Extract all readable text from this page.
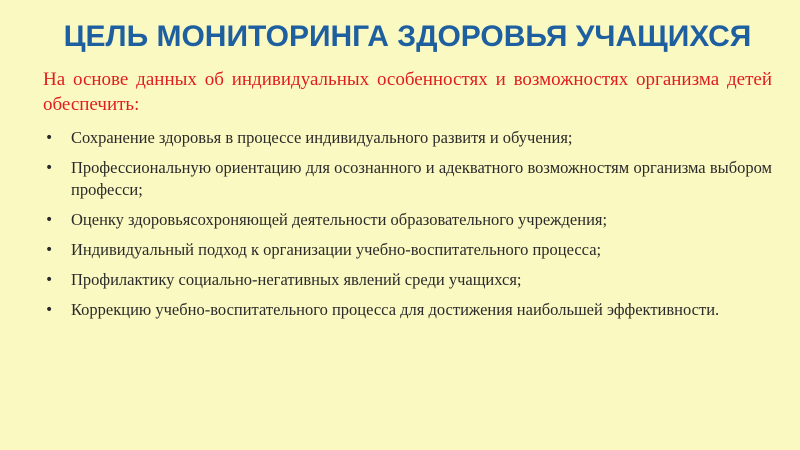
ЦЕЛЬ МОНИТОРИНГА ЗДОРОВЬЯ УЧАЩИХСЯ

На основе данных об индивидуальных особенностях и возможностях организма детей обеспечить:

• Сохранение здоровья в процессе индивидуального развитя и обучения;
• Профессиональную ориентацию для осознанного и адекватного возможностям организма выбором професси;
• Оценку здоровьясохроняющей деятельности образовательного учреждения;
• Индивидуальный подход к организации учебно-воспитательного процесса;
• Профилактику социально-негативных явлений среди учащихся;
• Коррекцию учебно-воспитательного процесса для достижения наибольшей эффективности.
